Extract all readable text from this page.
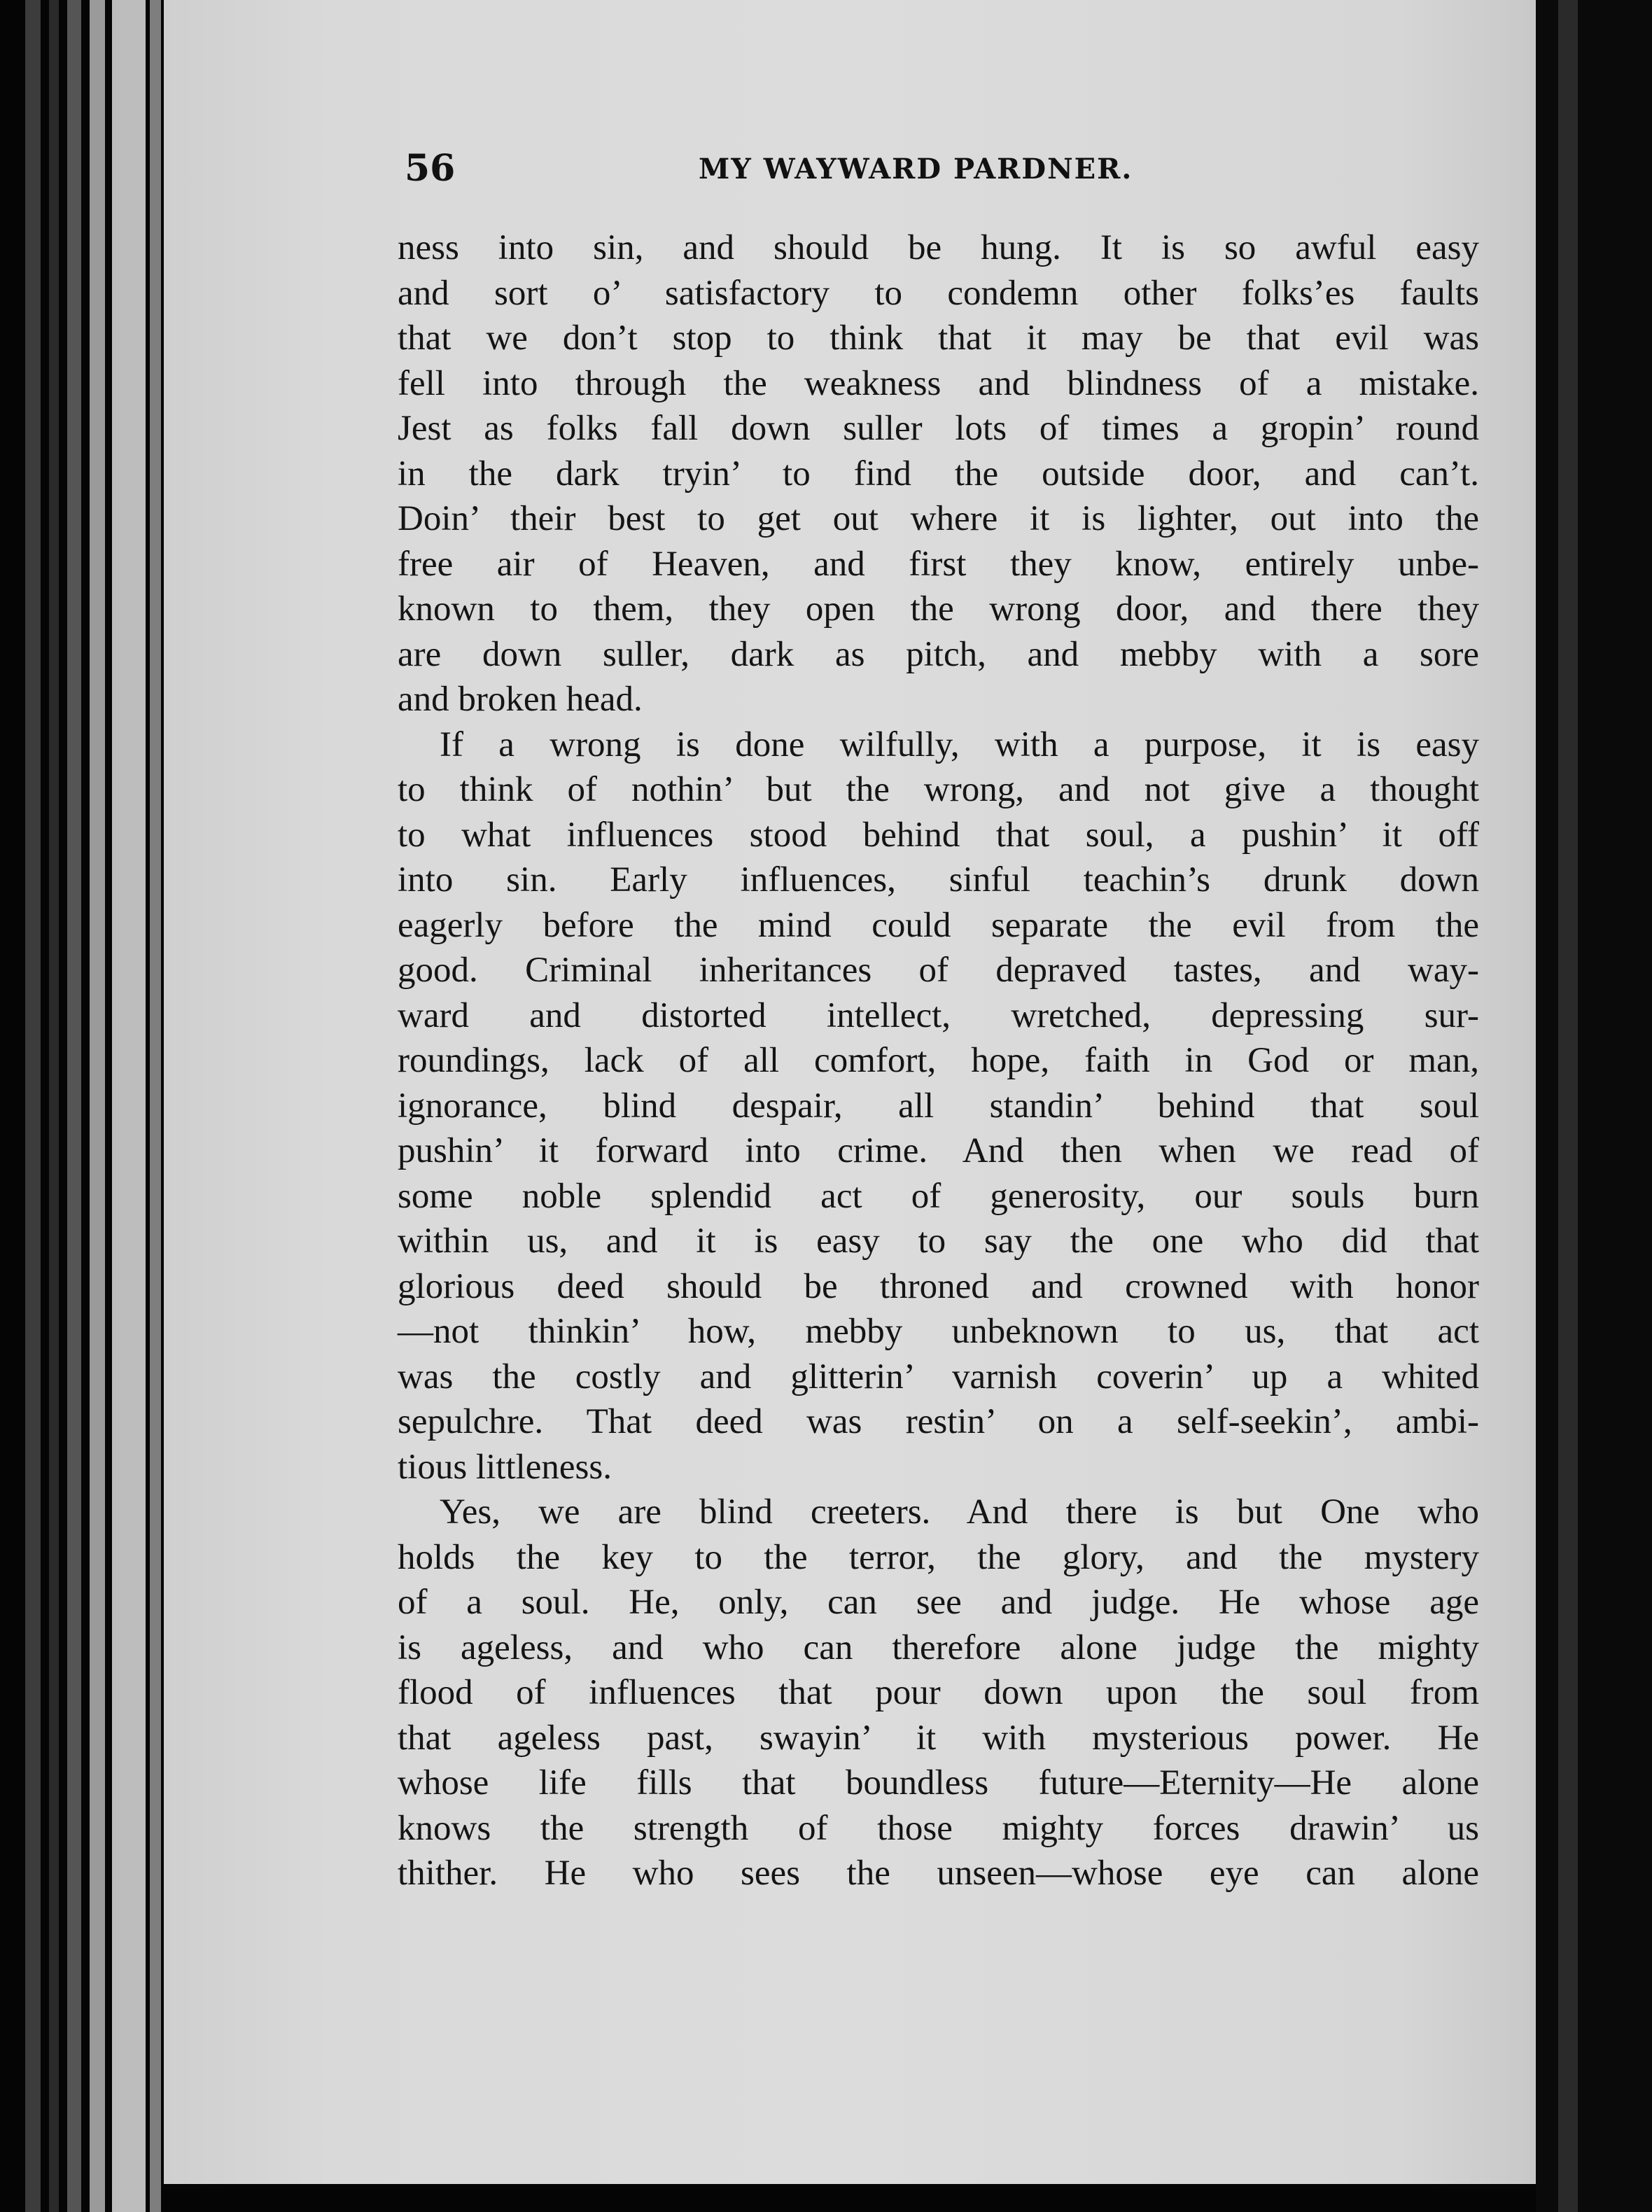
56	MY WAYWARD PARDNER.
ness into sin, and should be hung. It is so awful easy
and sort o’ satisfactory to condemn other folks’es faults
that we don’t stop to think that it may be that evil was
fell into through the weakness and blindness of a mistake.
Jest as folks fall down suller lots of times a gropin’ round
in the dark tryin’ to find the outside door, and can’t.
Doin’ their best to get out where it is lighter, out into the
free air of Heaven, and first they know, entirely unbe-
known to them, they open the wrong door, and there they
are down suller, dark as pitch, and mebby with a sore
and broken head.
If a wrong is done wilfully, with a purpose, it is easy
to think of nothin’ but the wrong, and not give a thought
to what influences stood behind that soul, a pushin’ it off
into sin. Early influences, sinful teachin’s drunk down
eagerly before the mind could separate the evil from the
good. Criminal inheritances of depraved tastes, and way-
ward and distorted intellect, wretched, depressing sur-
roundings, lack of all comfort, hope, faith in God or man,
ignorance, blind despair, all standin’ behind that soul
pushin’ it forward into crime. And then when we read of
some noble splendid act of generosity, our souls burn
within us, and it is easy to say the one who did that
glorious deed should be throned and crowned with honor
—not thinkin’ how, mebby unbeknown to us, that act
was the costly and glitterin’ varnish coverin’ up a whited
sepulchre. That deed was restin’ on a self-seekin’, ambi-
tious littleness.
Yes, we are blind creeters. And there is but One who
holds the key to the terror, the glory, and the mystery
of a soul. He, only, can see and judge. He whose age
is ageless, and who can therefore alone judge the mighty
flood of influences that pour down upon the soul from
that ageless past, swayin’ it with mysterious power. He
whose life fills that boundless future—Eternity—He alone
knows the strength of those mighty forces drawin’ us
thither. He who sees the unseen—whose eye can alone
